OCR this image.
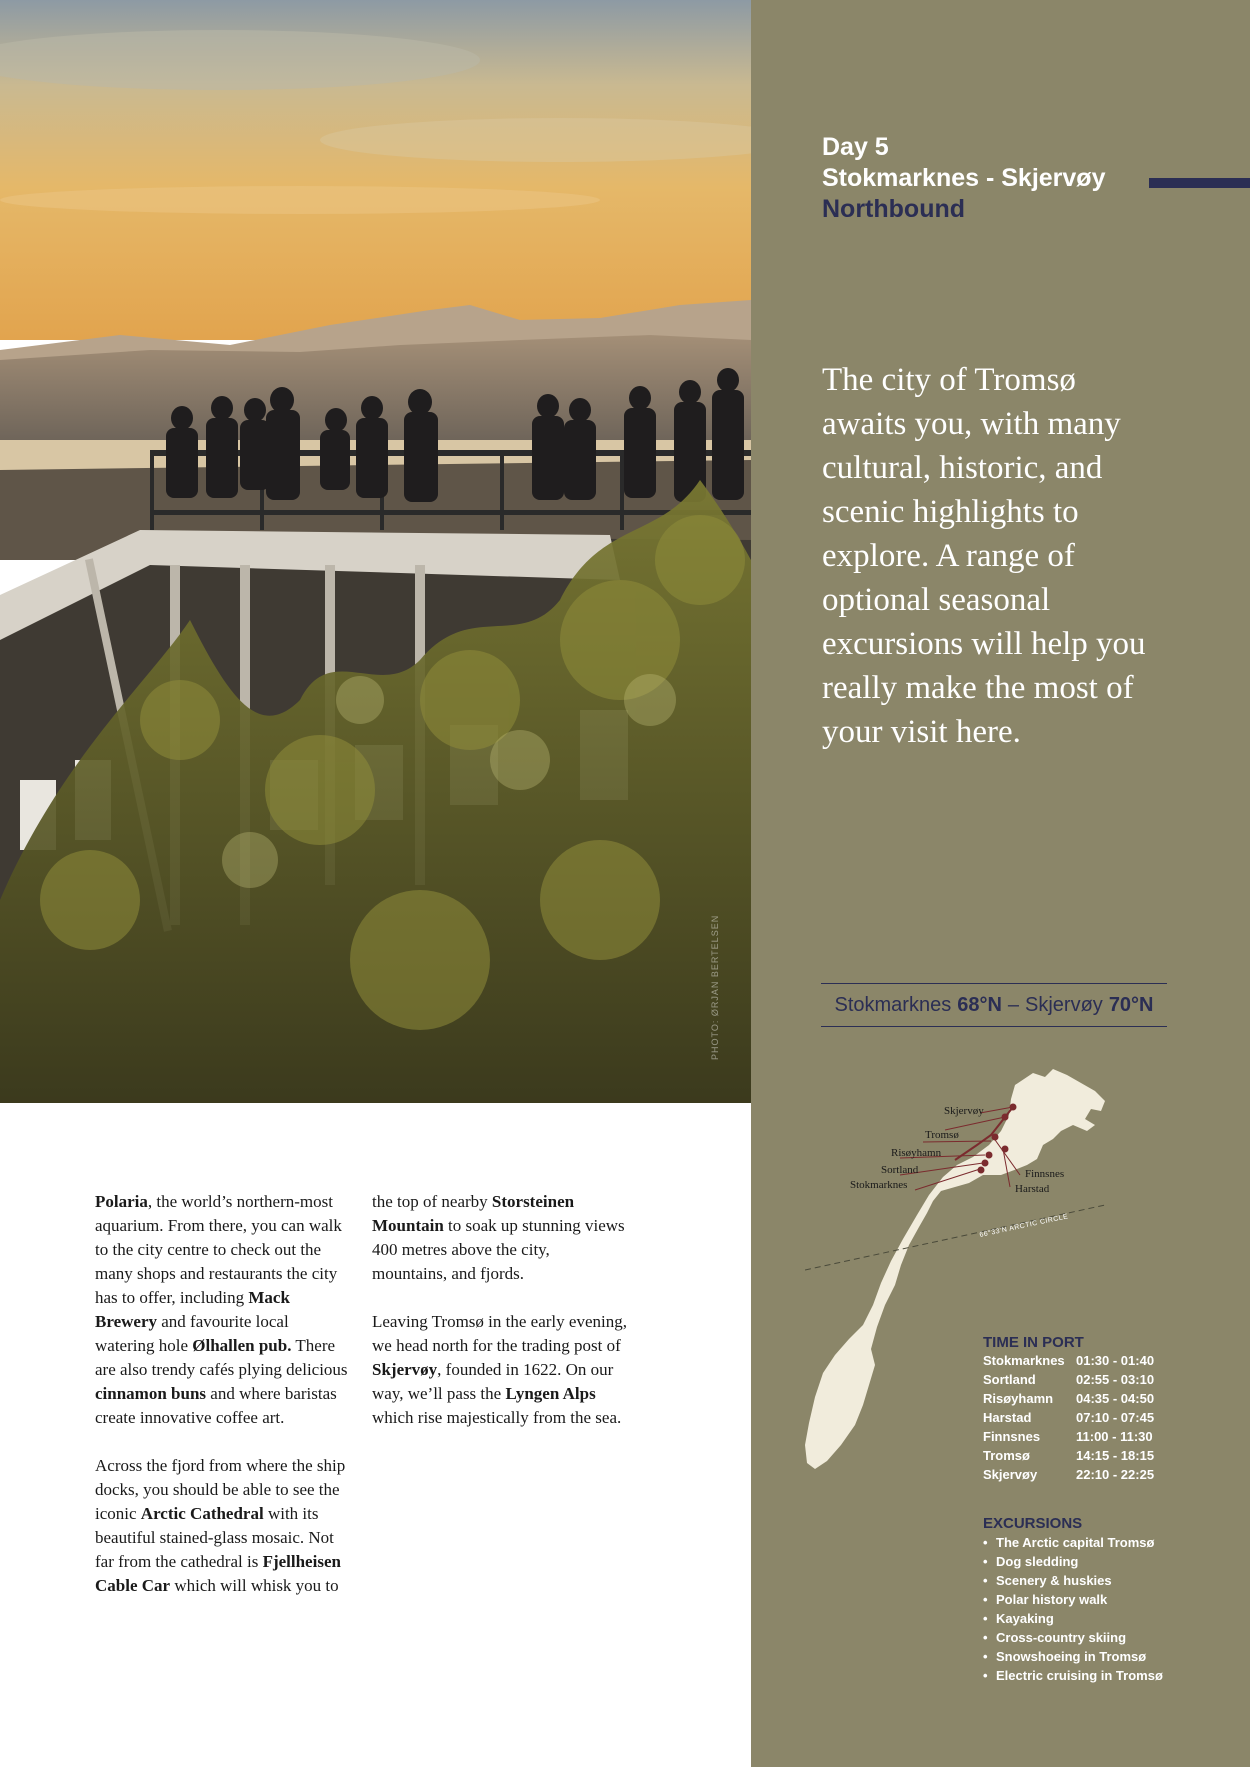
PHOTO: ØRJAN BERTELSEN
Day 5
Stokmarknes - Skjervøy
Northbound
The city of Tromsø awaits you, with many cultural, historic, and scenic highlights to explore. A range of optional seasonal excursions will help you really make the most of your visit here.
Stokmarknes 68°N – Skjervøy 70°N
66°33'N ARCTIC CIRCLE
Skjervøy
Tromsø
Risøyhamn
Sortland
Stokmarknes
Finnsnes
Harstad
TIME IN PORT
Stokmarknes 01:30 - 01:40
Sortland	02:55 - 03:10
Risøyhamn	04:35 - 04:50
Harstad	07:10 - 07:45
Finnsnes	11:00 - 11:30
Tromsø	14:15 - 18:15
Skjervøy	22:10 - 22:25
EXCURSIONS
• The Arctic capital Tromsø
• Dog sledding
• Scenery & huskies
• Polar history walk
• Kayaking
• Cross-country skiing
• Snowshoeing in Tromsø
• Electric cruising in Tromsø

Polaria, the world’s northern-most aquarium. From there, you can walk to the city centre to check out the many shops and restaurants the city has to offer, including Mack Brewery and favourite local watering hole Ølhallen pub. There are also trendy cafés plying delicious cinnamon buns and where baristas create innovative coffee art.

Across the fjord from where the ship docks, you should be able to see the iconic Arctic Cathedral with its beautiful stained-glass mosaic. Not far from the cathedral is Fjellheisen Cable Car which will whisk you to

the top of nearby Storsteinen Mountain to soak up stunning views 400 metres above the city, mountains, and fjords.

Leaving Tromsø in the early evening, we head north for the trading post of Skjervøy, founded in 1622. On our way, we’ll pass the Lyngen Alps which rise majestically from the sea.
